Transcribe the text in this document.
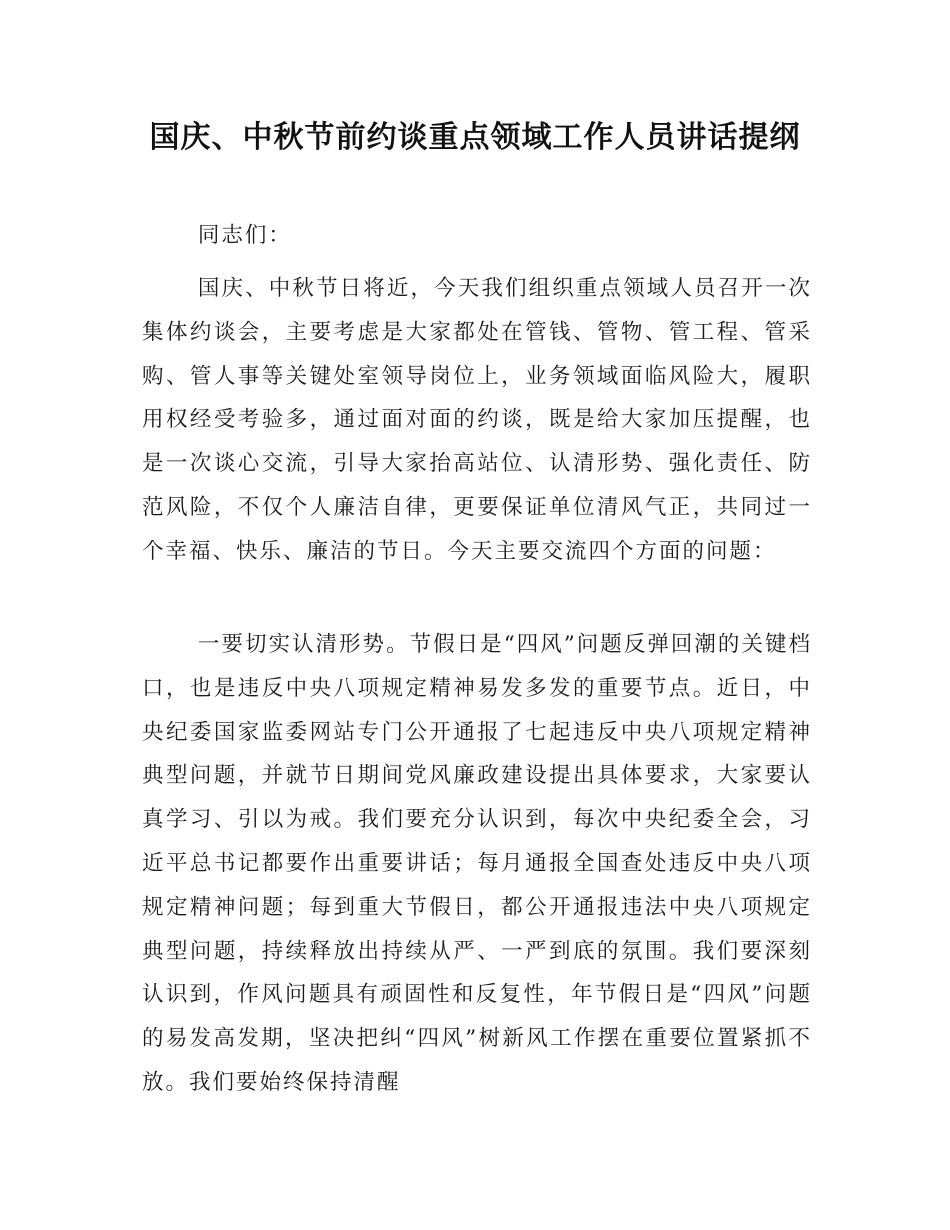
国庆、中秋节前约谈重点领域工作人员讲话提纲

同志们：

国庆、中秋节日将近，今天我们组织重点领域人员召开一次集体约谈会，主要考虑是大家都处在管钱、管物、管工程、管采购、管人事等关键处室领导岗位上，业务领域面临风险大，履职用权经受考验多，通过面对面的约谈，既是给大家加压提醒，也是一次谈心交流，引导大家抬高站位、认清形势、强化责任、防范风险，不仅个人廉洁自律，更要保证单位清风气正，共同过一个幸福、快乐、廉洁的节日。今天主要交流四个方面的问题：

一要切实认清形势。节假日是“四风”问题反弹回潮的关键档口，也是违反中央八项规定精神易发多发的重要节点。近日，中央纪委国家监委网站专门公开通报了七起违反中央八项规定精神典型问题，并就节日期间党风廉政建设提出具体要求，大家要认真学习、引以为戒。我们要充分认识到，每次中央纪委全会，习近平总书记都要作出重要讲话；每月通报全国查处违反中央八项规定精神问题；每到重大节假日，都公开通报违法中央八项规定典型问题，持续释放出持续从严、一严到底的氛围。我们要深刻认识到，作风问题具有顽固性和反复性，年节假日是“四风”问题的易发高发期，坚决把纠“四风”树新风工作摆在重要位置紧抓不放。我们要始终保持清醒
